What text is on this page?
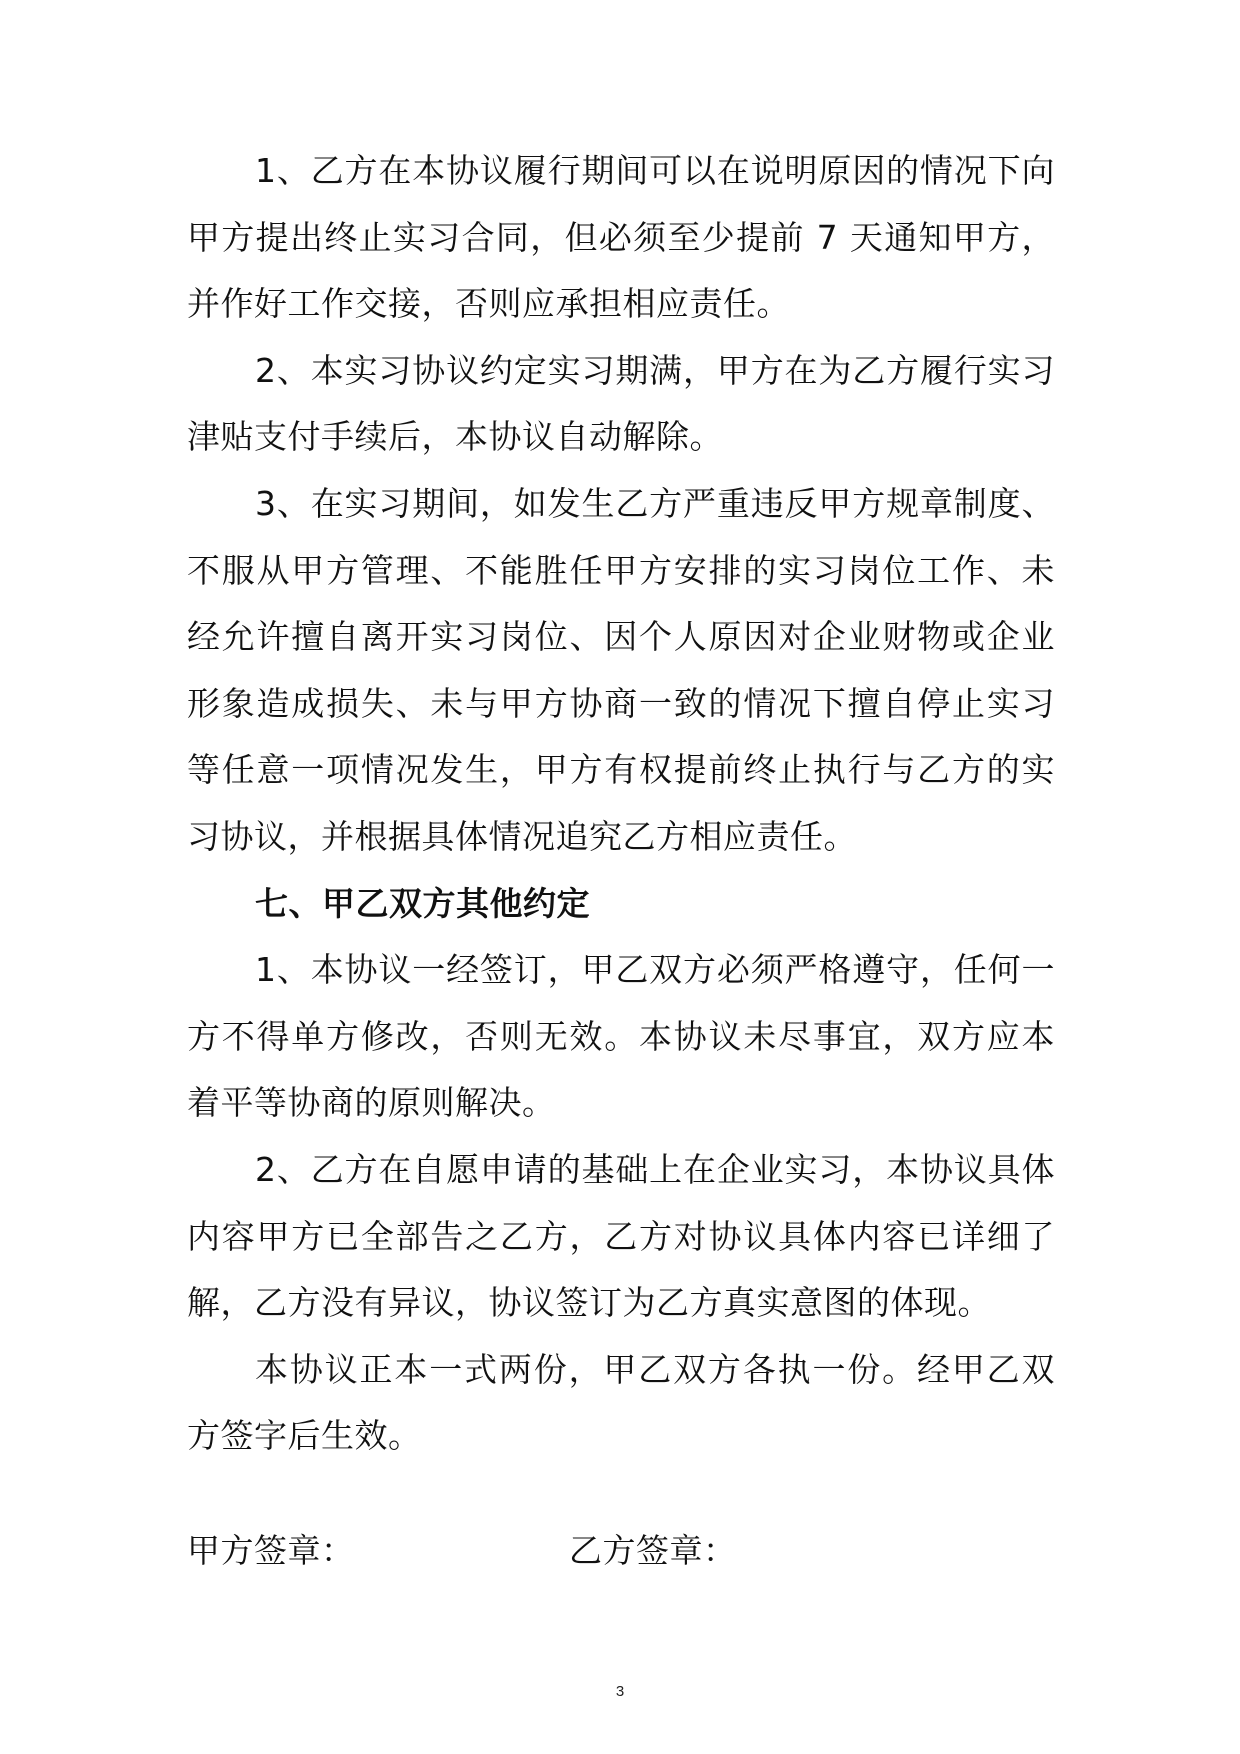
1、乙方在本协议履行期间可以在说明原因的情况下向甲方提出终止实习合同，但必须至少提前 7 天通知甲方，并作好工作交接，否则应承担相应责任。

2、本实习协议约定实习期满，甲方在为乙方履行实习津贴支付手续后，本协议自动解除。

3、在实习期间，如发生乙方严重违反甲方规章制度、不服从甲方管理、不能胜任甲方安排的实习岗位工作、未经允许擅自离开实习岗位、因个人原因对企业财物或企业形象造成损失、未与甲方协商一致的情况下擅自停止实习等任意一项情况发生，甲方有权提前终止执行与乙方的实习协议，并根据具体情况追究乙方相应责任。

七、甲乙双方其他约定

1、本协议一经签订，甲乙双方必须严格遵守，任何一方不得单方修改，否则无效。本协议未尽事宜，双方应本着平等协商的原则解决。

2、乙方在自愿申请的基础上在企业实习，本协议具体内容甲方已全部告之乙方，乙方对协议具体内容已详细了解，乙方没有异议，协议签订为乙方真实意图的体现。

本协议正本一式两份，甲乙双方各执一份。经甲乙双方签字后生效。

甲方签章：	乙方签章：
3
